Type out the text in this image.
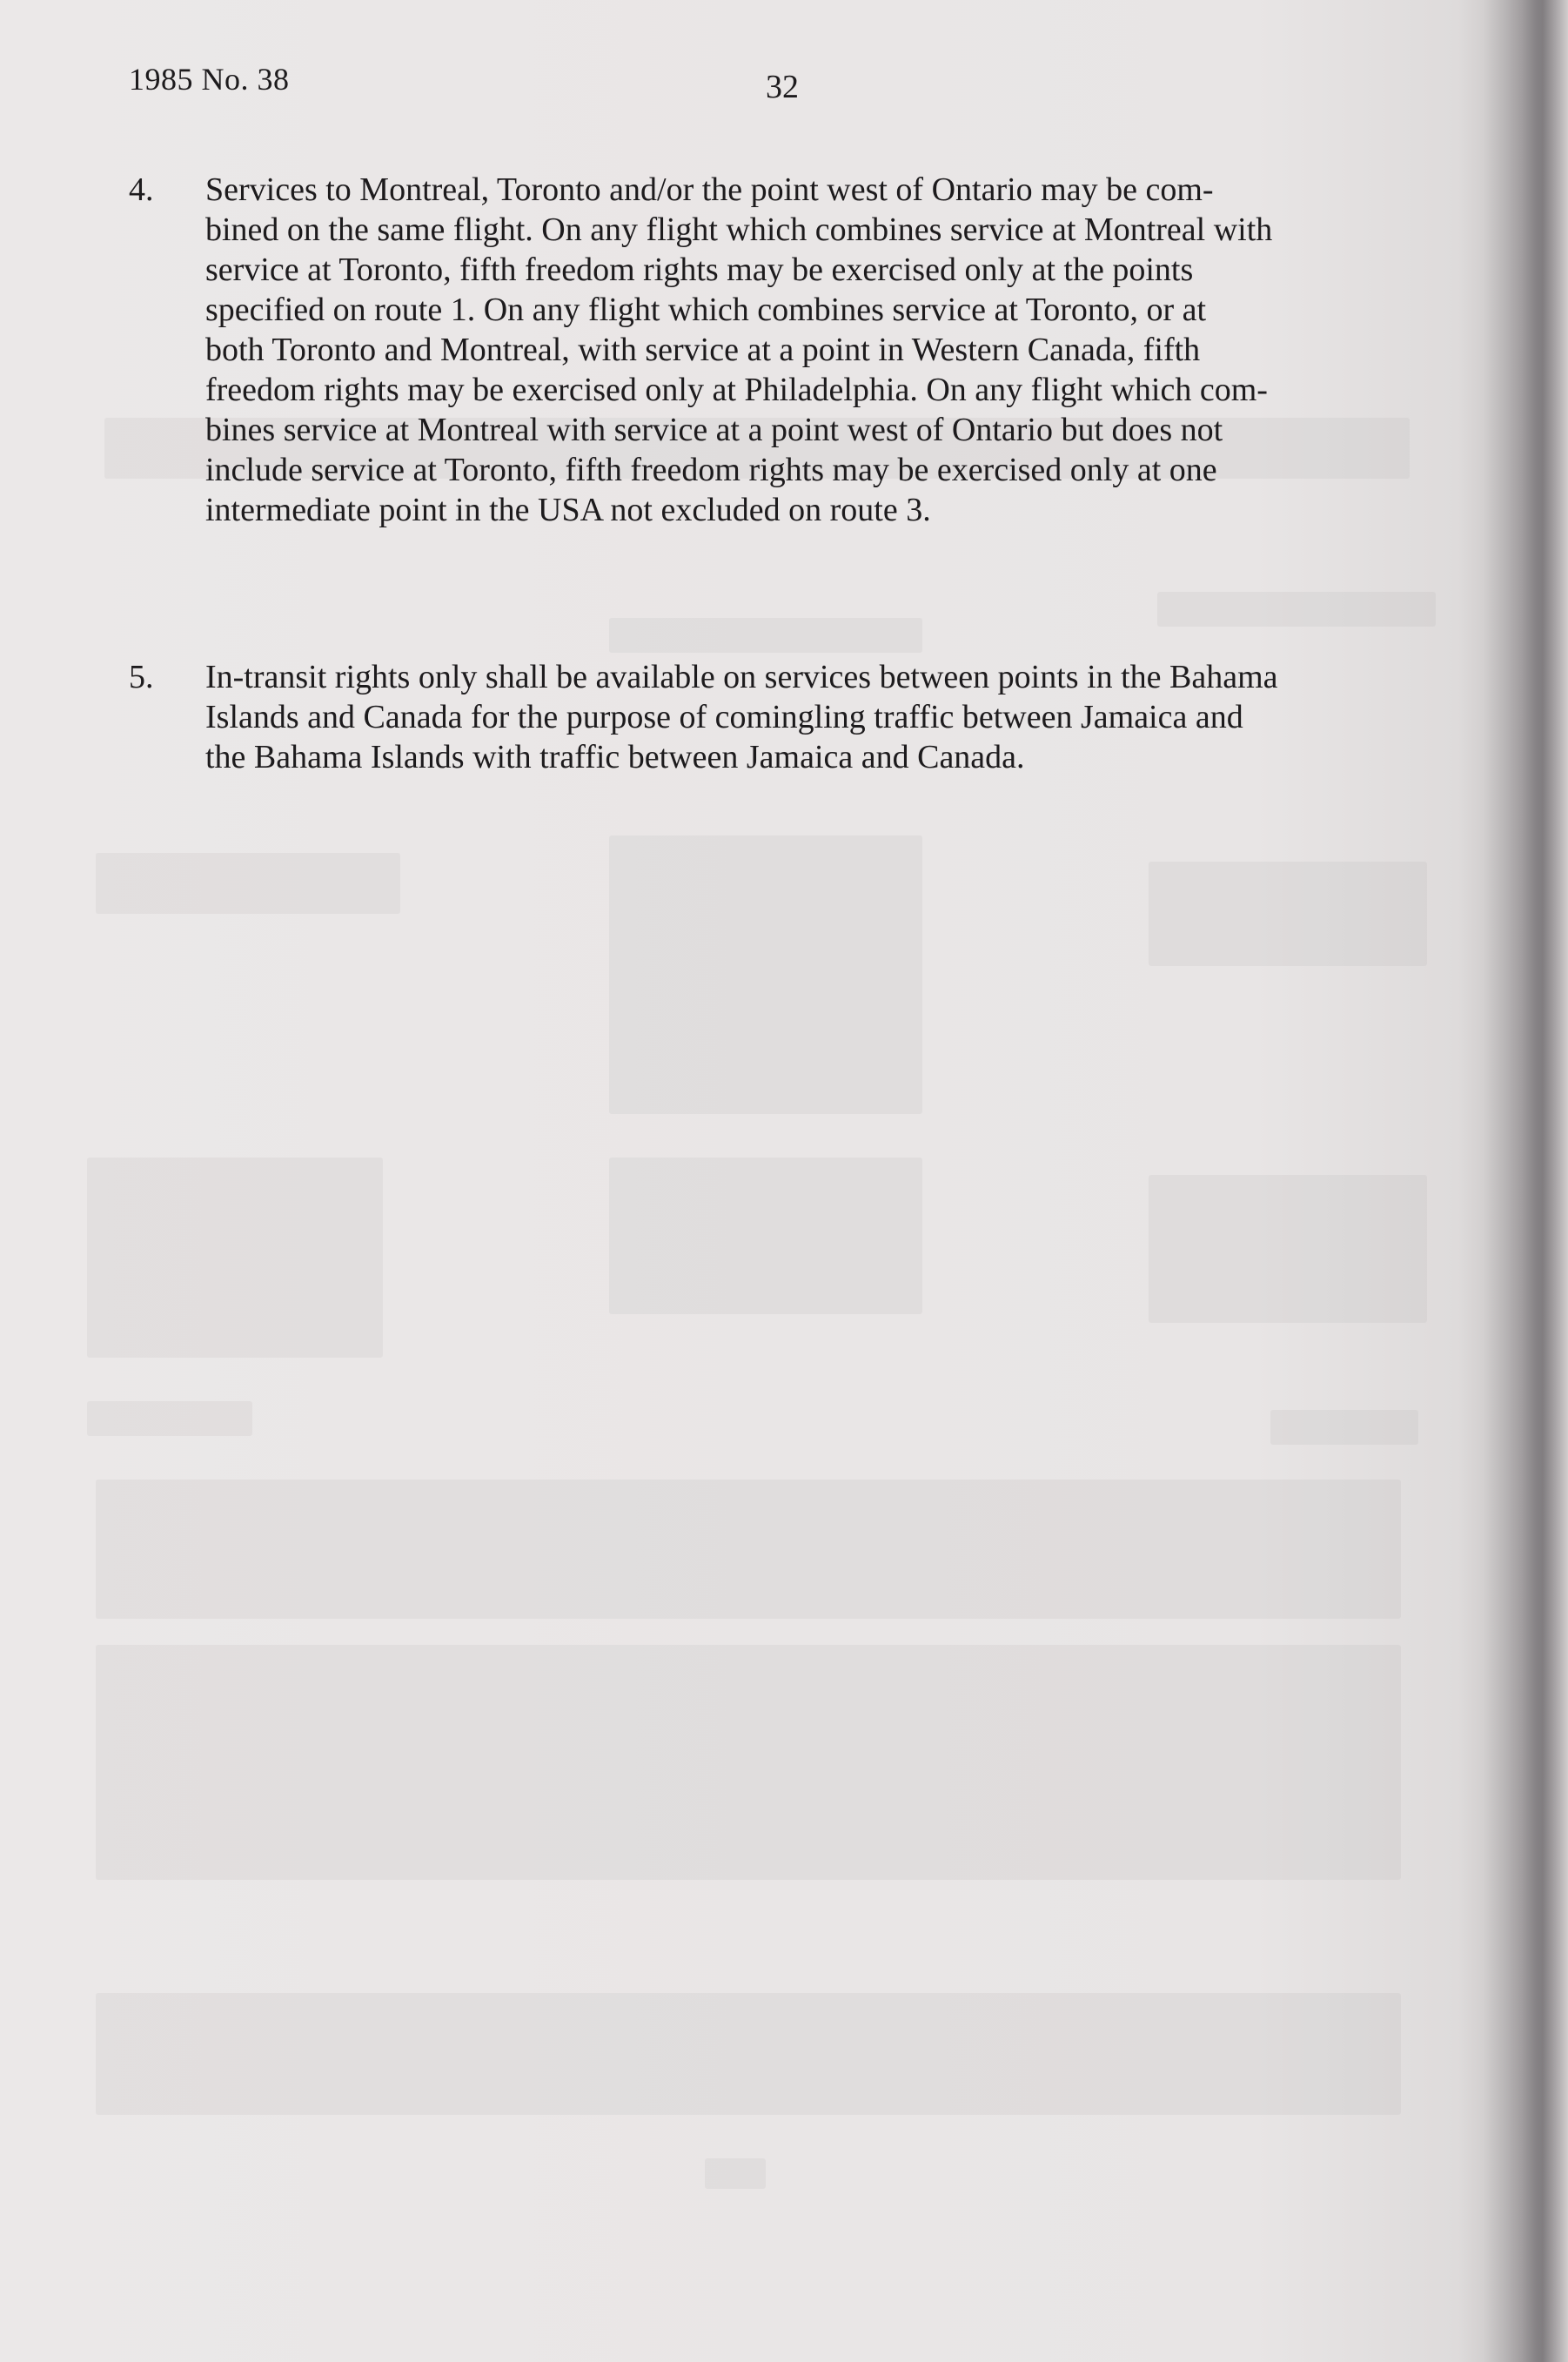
1985 No. 38	32
4. Services to Montreal, Toronto and/or the point west of Ontario may be com-
bined on the same flight. On any flight which combines service at Montreal with
service at Toronto, fifth freedom rights may be exercised only at the points
specified on route 1. On any flight which combines service at Toronto, or at
both Toronto and Montreal, with service at a point in Western Canada, fifth
freedom rights may be exercised only at Philadelphia. On any flight which com-
bines service at Montreal with service at a point west of Ontario but does not
include service at Toronto, fifth freedom rights may be exercised only at one
intermediate point in the USA not excluded on route 3.
5. In-transit rights only shall be available on services between points in the Bahama
Islands and Canada for the purpose of comingling traffic between Jamaica and
the Bahama Islands with traffic between Jamaica and Canada.
